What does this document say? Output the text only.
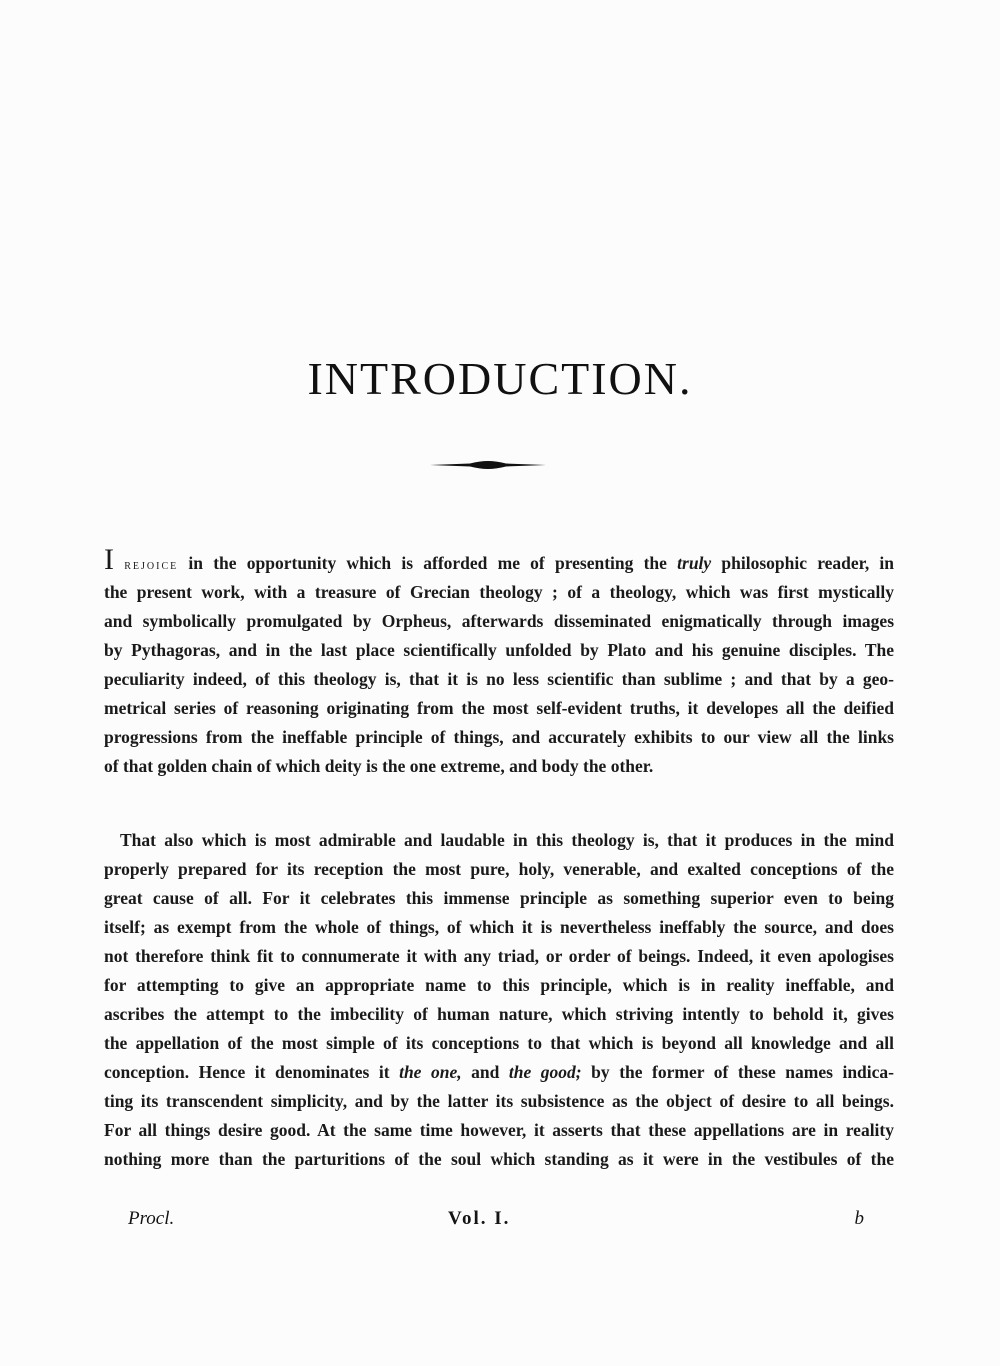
INTRODUCTION.
I rejoice in the opportunity which is afforded me of presenting the truly philosophic reader, in
the present work, with a treasure of Grecian theology ; of a theology, which was first mystically
and symbolically promulgated by Orpheus, afterwards disseminated enigmatically through images
by Pythagoras, and in the last place scientifically unfolded by Plato and his genuine disciples. The
peculiarity indeed, of this theology is, that it is no less scientific than sublime ; and that by a geo-
metrical series of reasoning originating from the most self-evident truths, it developes all the deified
progressions from the ineffable principle of things, and accurately exhibits to our view all the links
of that golden chain of which deity is the one extreme, and body the other.
That also which is most admirable and laudable in this theology is, that it produces in the mind
properly prepared for its reception the most pure, holy, venerable, and exalted conceptions of the
great cause of all. For it celebrates this immense principle as something superior even to being
itself; as exempt from the whole of things, of which it is nevertheless ineffably the source, and does
not therefore think fit to connumerate it with any triad, or order of beings. Indeed, it even apologises
for attempting to give an appropriate name to this principle, which is in reality ineffable, and
ascribes the attempt to the imbecility of human nature, which striving intently to behold it, gives
the appellation of the most simple of its conceptions to that which is beyond all knowledge and all
conception. Hence it denominates it the one, and the good; by the former of these names indica-
ting its transcendent simplicity, and by the latter its subsistence as the object of desire to all beings.
For all things desire good. At the same time however, it asserts that these appellations are in reality
nothing more than the parturitions of the soul which standing as it were in the vestibules of the
Procl.	Vol. I.	b
